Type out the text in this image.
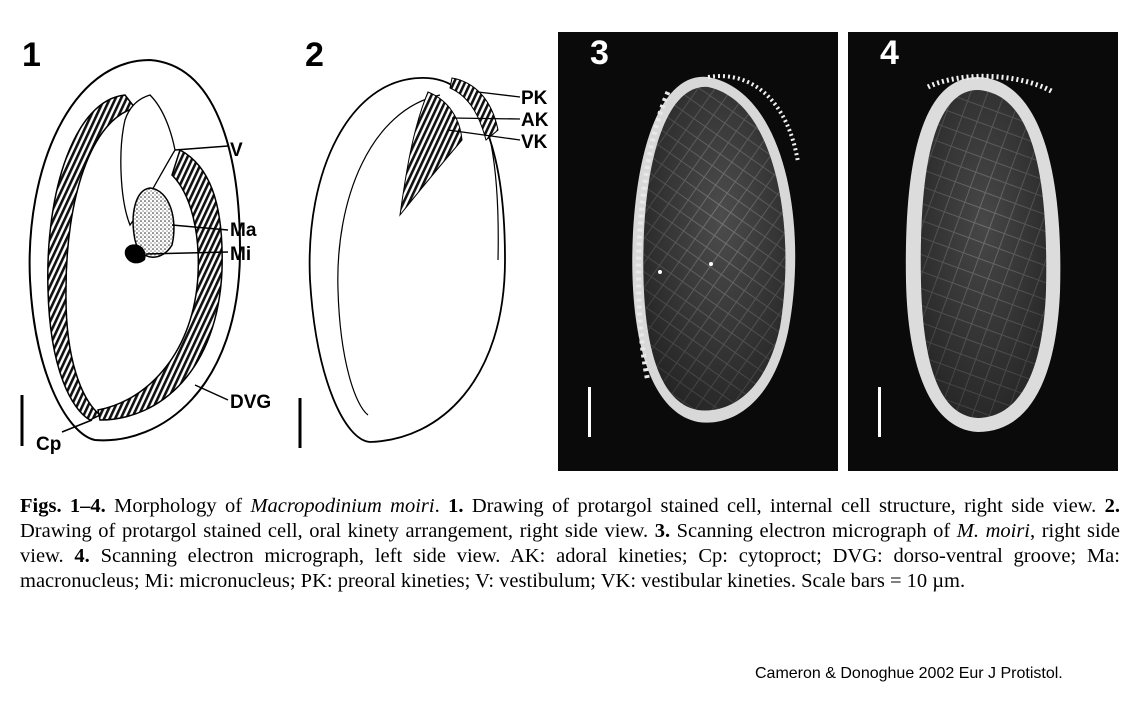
V
Ma
Mi
DVG
Cp
PK
AK
VK
1	2	3	4
Figs. 1–4. Morphology of Macropodinium moiri. 1. Drawing of protargol stained cell, internal cell structure, right side view. 2. Drawing of protargol stained cell, oral kinety arrangement, right side view. 3. Scanning electron micrograph of M. moiri, right side view. 4. Scanning electron micrograph, left side view. AK: adoral kineties; Cp: cytoproct; DVG: dorso-ventral groove; Ma: macronucleus; Mi: micronucleus; PK: preoral kineties; V: vestibulum; VK: vestibular kineties. Scale bars = 10 µm.
Cameron & Donoghue 2002 Eur J Protistol.
